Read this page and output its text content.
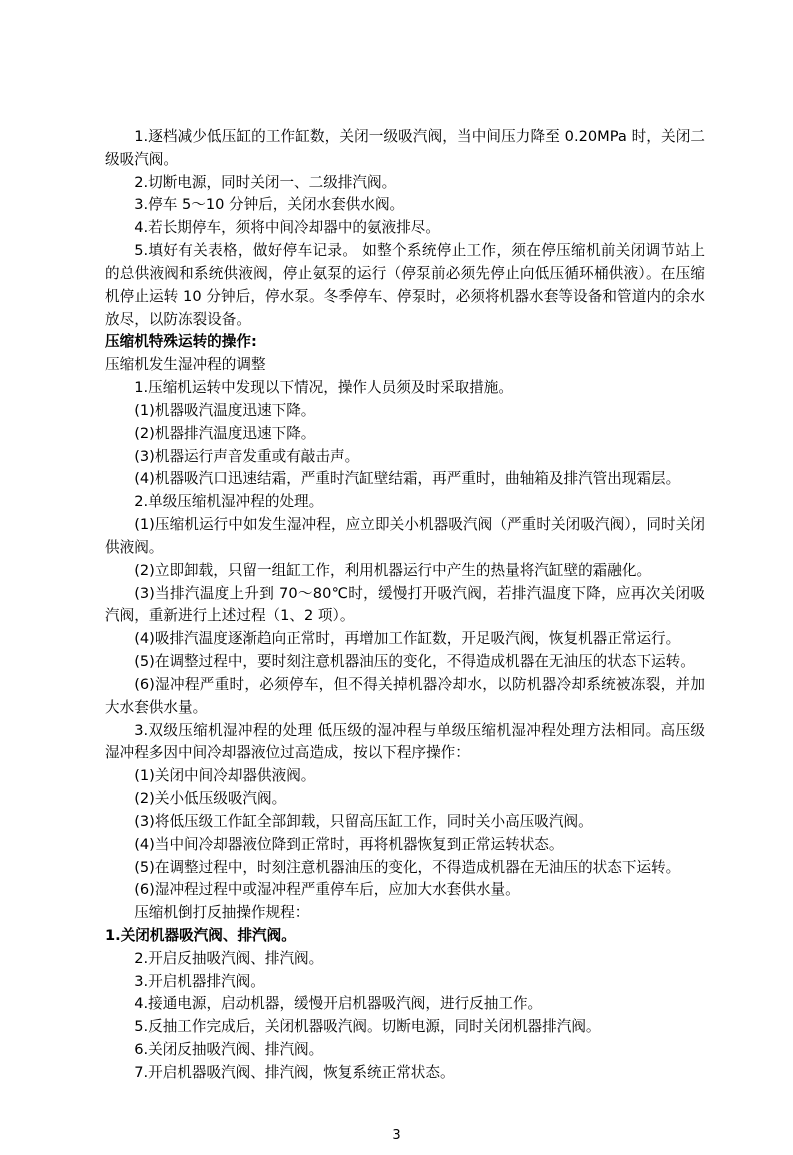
1.逐档减少低压缸的工作缸数，关闭一级吸汽阀，当中间压力降至 0.20MPa 时，关闭二级吸汽阀。

2.切断电源，同时关闭一、二级排汽阀。

3.停车 5～10 分钟后，关闭水套供水阀。

4.若长期停车，须将中间冷却器中的氨液排尽。

5.填好有关表格，做好停车记录。 如整个系统停止工作，须在停压缩机前关闭调节站上的总供液阀和系统供液阀，停止氨泵的运行（停泵前必须先停止向低压循环桶供液）。在压缩机停止运转 10 分钟后，停水泵。冬季停车、停泵时，必须将机器水套等设备和管道内的余水放尽，以防冻裂设备。

压缩机特殊运转的操作:

压缩机发生湿冲程的调整

1.压缩机运转中发现以下情况，操作人员须及时采取措施。

(1)机器吸汽温度迅速下降。

(2)机器排汽温度迅速下降。

(3)机器运行声音发重或有敲击声。

(4)机器吸汽口迅速结霜，严重时汽缸壁结霜，再严重时，曲轴箱及排汽管出现霜层。

2.单级压缩机湿冲程的处理。

(1)压缩机运行中如发生湿冲程，应立即关小机器吸汽阀（严重时关闭吸汽阀），同时关闭供液阀。

(2)立即卸载，只留一组缸工作，利用机器运行中产生的热量将汽缸壁的霜融化。

(3)当排汽温度上升到 70～80℃时，缓慢打开吸汽阀，若排汽温度下降，应再次关闭吸汽阀，重新进行上述过程（1、2 项）。

(4)吸排汽温度逐渐趋向正常时，再增加工作缸数，开足吸汽阀，恢复机器正常运行。

(5)在调整过程中，要时刻注意机器油压的变化，不得造成机器在无油压的状态下运转。

(6)湿冲程严重时，必须停车，但不得关掉机器冷却水，以防机器冷却系统被冻裂，并加大水套供水量。

3.双级压缩机湿冲程的处理 低压级的湿冲程与单级压缩机湿冲程处理方法相同。高压级湿冲程多因中间冷却器液位过高造成，按以下程序操作：

(1)关闭中间冷却器供液阀。

(2)关小低压级吸汽阀。

(3)将低压级工作缸全部卸载，只留高压缸工作，同时关小高压吸汽阀。

(4)当中间冷却器液位降到正常时，再将机器恢复到正常运转状态。

(5)在调整过程中，时刻注意机器油压的变化，不得造成机器在无油压的状态下运转。

(6)湿冲程过程中或湿冲程严重停车后，应加大水套供水量。

压缩机倒打反抽操作规程：

1.关闭机器吸汽阀、排汽阀。

2.开启反抽吸汽阀、排汽阀。

3.开启机器排汽阀。

4.接通电源，启动机器，缓慢开启机器吸汽阀，进行反抽工作。

5.反抽工作完成后，关闭机器吸汽阀。切断电源，同时关闭机器排汽阀。

6.关闭反抽吸汽阀、排汽阀。

7.开启机器吸汽阀、排汽阀，恢复系统正常状态。

3
